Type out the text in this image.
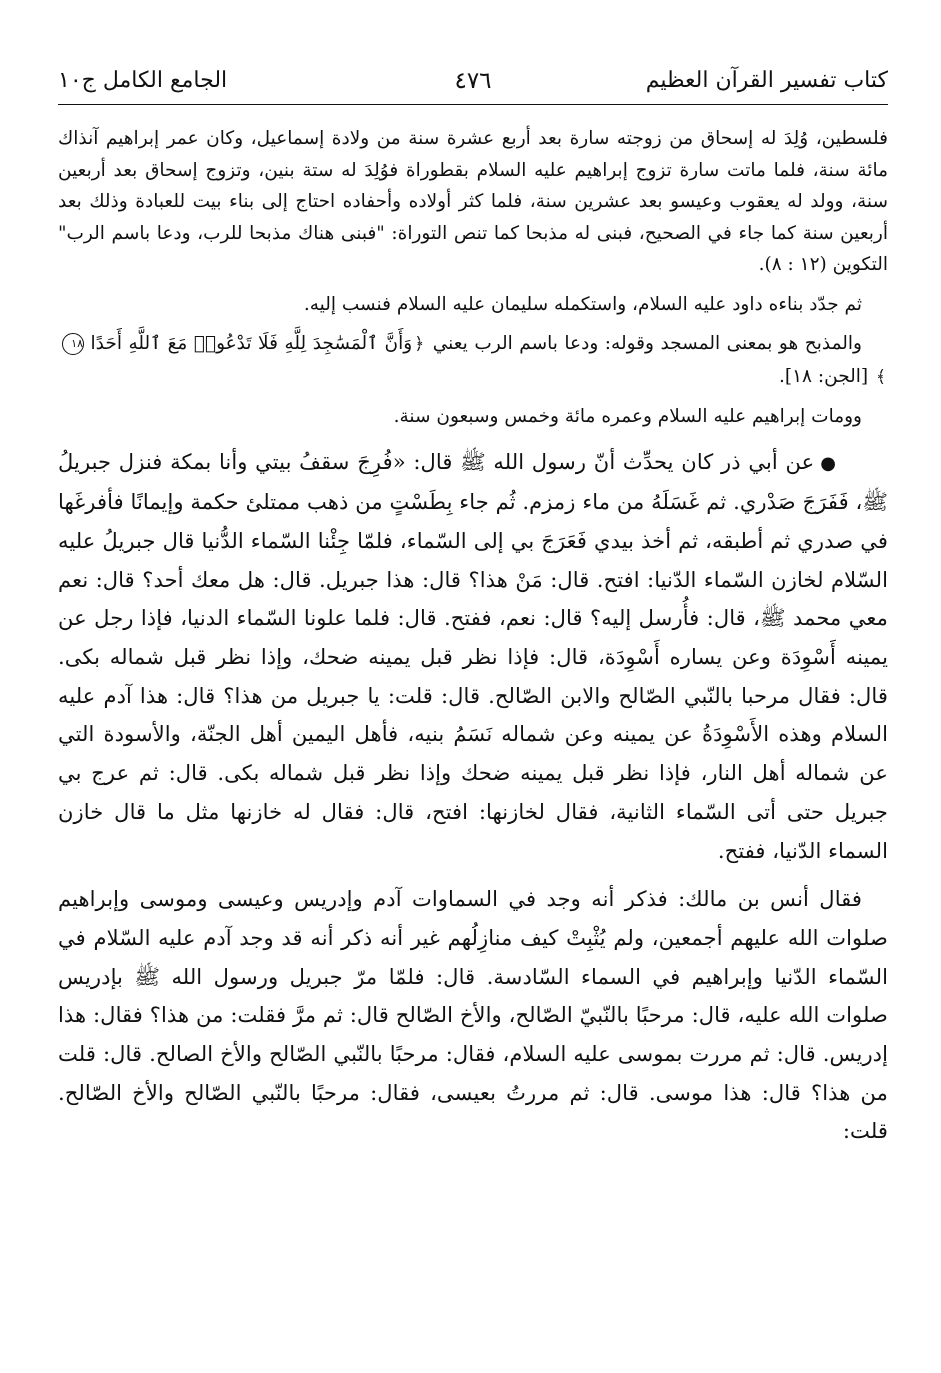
كتاب تفسير القرآن العظيم
٤٧٦
الجامع الكامل ج١٠

فلسطين، وُلِدَ له إسحاق من زوجته سارة بعد أربع عشرة سنة من ولادة إسماعيل، وكان عمر إبراهيم آنذاك مائة سنة، فلما ماتت سارة تزوج إبراهيم عليه السلام بقطوراة فوُلِدَ له ستة بنين، وتزوج إسحاق بعد أربعين سنة، وولد له يعقوب وعيسو بعد عشرين سنة، فلما كثر أولاده وأحفاده احتاج إلى بناء بيت للعبادة وذلك بعد أربعين سنة كما جاء في الصحيح، فبنى له مذبحا كما تنص التوراة: "فبنى هناك مذبحا للرب، ودعا باسم الرب" التكوين (١٢ : ٨).

ثم جدّد بناءه داود عليه السلام، واستكمله سليمان عليه السلام فنسب إليه.

والمذبح هو بمعنى المسجد وقوله: ودعا باسم الرب يعني ﴿وَأَنَّ ٱلْمَسَٰجِدَ لِلَّهِ فَلَا تَدْعُوا۟ مَعَ ٱللَّهِ أَحَدًا ١٨﴾ [الجن: ١٨].

وومات إبراهيم عليه السلام وعمره مائة وخمس وسبعون سنة.

●عن أبي ذر كان يحدِّث أنّ رسول الله ﷺ قال: «فُرِجَ سقفُ بيتي وأنا بمكة فنزل جبريلُ ﷺ، فَفَرَجَ صَدْري. ثم غَسَلَهُ من ماء زمزم. ثُم جاء بِطَسْتٍ من ذهب ممتلئ حكمة وإيمانًا فأفرغَها في صدري ثم أطبقه، ثم أخذ بيدي فَعَرَجَ بي إلى السّماء، فلمّا جِئْنا السّماء الدُّنيا قال جبريلُ عليه السّلام لخازن السّماء الدّنيا: افتح. قال: مَنْ هذا؟ قال: هذا جبريل. قال: هل معك أحد؟ قال: نعم معي محمد ﷺ، قال: فأُرسل إليه؟ قال: نعم، ففتح. قال: فلما علونا السّماء الدنيا، فإذا رجل عن يمينه أَسْوِدَة وعن يساره أَسْوِدَة، قال: فإذا نظر قبل يمينه ضحك، وإذا نظر قبل شماله بكى. قال: فقال مرحبا بالنّبي الصّالح والابن الصّالح. قال: قلت: يا جبريل من هذا؟ قال: هذا آدم عليه السلام وهذه الأَسْوِدَةُ عن يمينه وعن شماله نَسَمُ بنيه، فأهل اليمين أهل الجنّة، والأسودة التي عن شماله أهل النار، فإذا نظر قبل يمينه ضحك وإذا نظر قبل شماله بكى. قال: ثم عرج بي جبريل حتى أتى السّماء الثانية، فقال لخازنها: افتح، قال: فقال له خازنها مثل ما قال خازن السماء الدّنيا، ففتح.

فقال أنس بن مالك: فذكر أنه وجد في السماوات آدم وإدريس وعيسى وموسى وإبراهيم صلوات الله عليهم أجمعين، ولم يُثْبِتْ كيف منازِلُهم غير أنه ذكر أنه قد وجد آدم عليه السّلام في السّماء الدّنيا وإبراهيم في السماء السّادسة. قال: فلمّا مرّ جبريل ورسول الله ﷺ بإدريس صلوات الله عليه، قال: مرحبًا بالنّبيّ الصّالح، والأخ الصّالح قال: ثم مرَّ فقلت: من هذا؟ فقال: هذا إدريس. قال: ثم مررت بموسى عليه السلام، فقال: مرحبًا بالنّبي الصّالح والأخ الصالح. قال: قلت من هذا؟ قال: هذا موسى. قال: ثم مررتُ بعيسى، فقال: مرحبًا بالنّبي الصّالح والأخ الصّالح. قلت:
